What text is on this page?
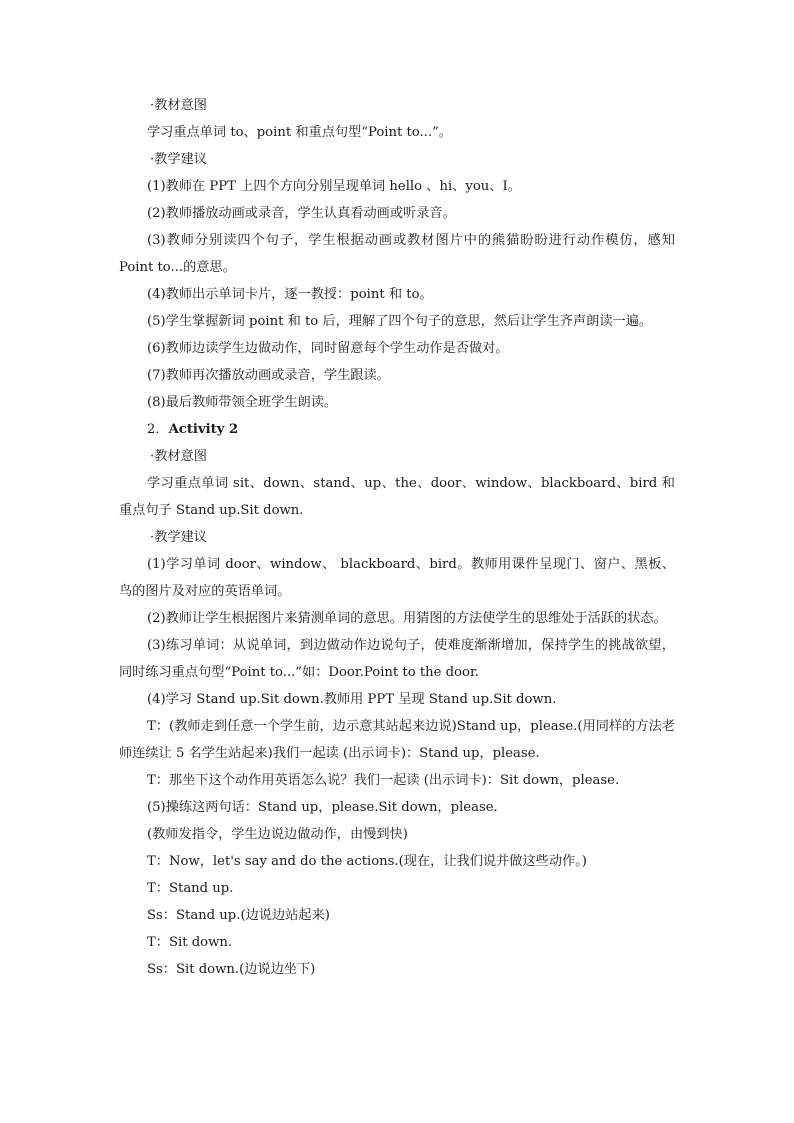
·教材意图
学习重点单词 to、point 和重点句型“Point to...”。
·教学建议
(1)教师在 PPT 上四个方向分别呈现单词 hello 、hi、you、I。
(2)教师播放动画或录音，学生认真看动画或听录音。
(3)教师分别读四个句子，学生根据动画或教材图片中的熊猫盼盼进行动作模仿，感知 Point to...的意思。
(4)教师出示单词卡片，逐一教授：point 和 to。
(5)学生掌握新词 point 和 to 后，理解了四个句子的意思，然后让学生齐声朗读一遍。
(6)教师边读学生边做动作，同时留意每个学生动作是否做对。
(7)教师再次播放动画或录音，学生跟读。
(8)最后教师带领全班学生朗读。
2．Activity 2
·教材意图
学习重点单词 sit、down、stand、up、the、door、window、blackboard、bird 和重点句子 Stand up.Sit down.
·教学建议
(1)学习单词 door、window、 blackboard、bird。教师用课件呈现门、窗户、黑板、鸟的图片及对应的英语单词。
(2)教师让学生根据图片来猜测单词的意思。用猜图的方法使学生的思维处于活跃的状态。
(3)练习单词：从说单词，到边做动作边说句子，使难度渐渐增加，保持学生的挑战欲望，同时练习重点句型“Point to...”如：Door.Point to the door.
(4)学习 Stand up.Sit down.教师用 PPT 呈现 Stand up.Sit down.
T：(教师走到任意一个学生前，边示意其站起来边说)Stand up，please.(用同样的方法老师连续让 5 名学生站起来)我们一起读 (出示词卡)：Stand up，please.
T：那坐下这个动作用英语怎么说？我们一起读 (出示词卡)：Sit down，please.
(5)操练这两句话：Stand up，please.Sit down，please.
(教师发指令，学生边说边做动作，由慢到快)
T：Now，let's say and do the actions.(现在，让我们说并做这些动作。)
T：Stand up.
Ss：Stand up.(边说边站起来)
T：Sit down.
Ss：Sit down.(边说边坐下)
